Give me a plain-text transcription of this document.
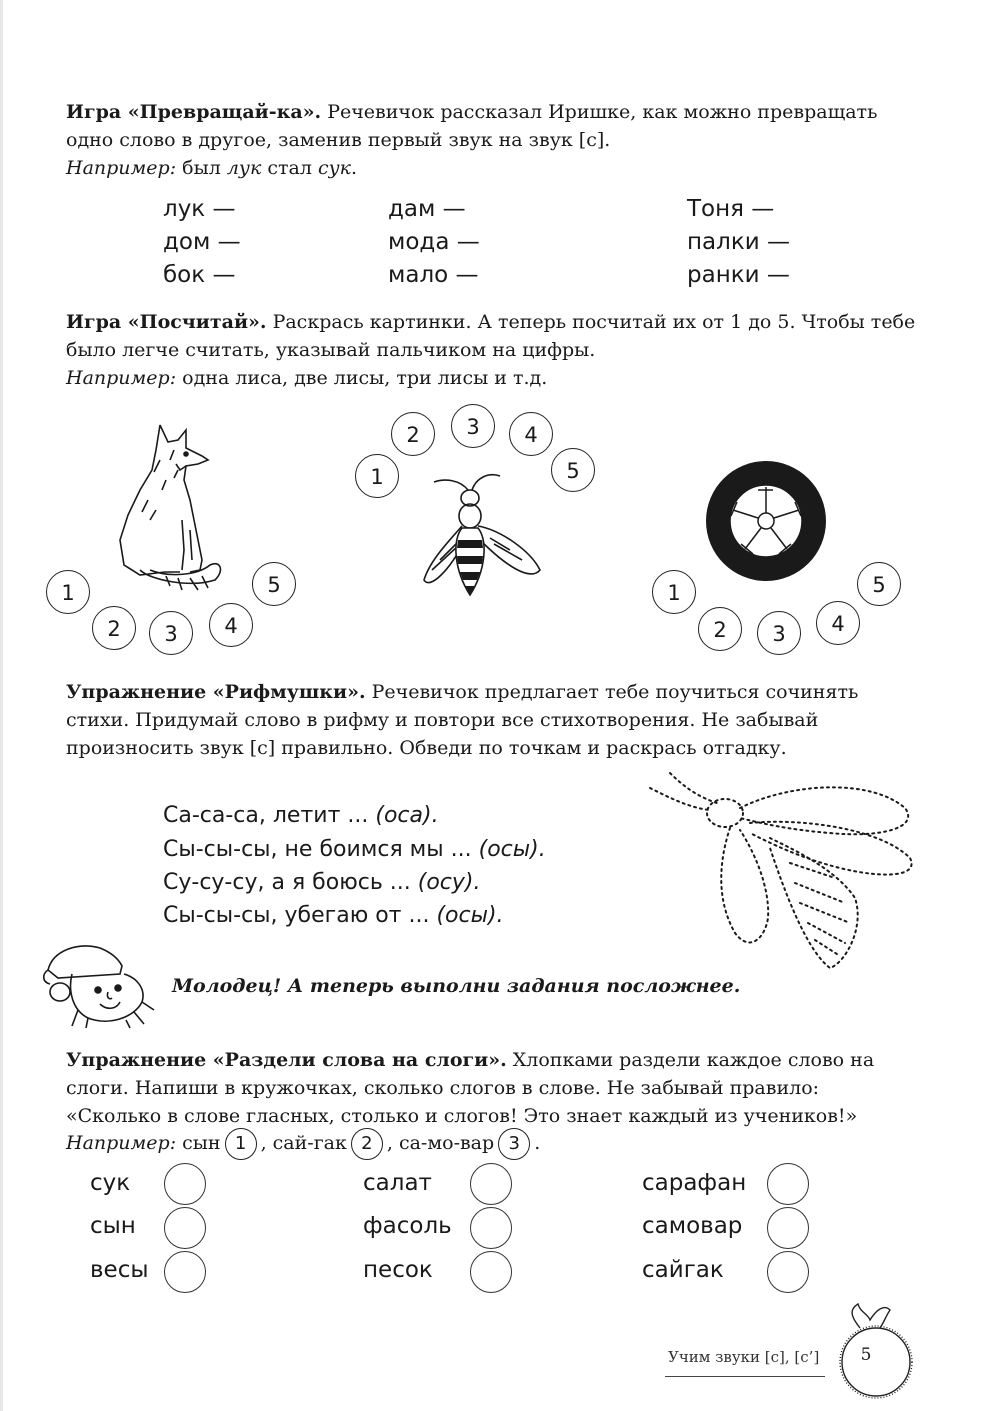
Игра «Превращай-ка». Речевичок рассказал Иришке, как можно превращать одно слово в другое, заменив первый звук на звук [с].
Например: был лук стал сук.
лук —	дам —	Тоня —
дом —	мода —	палки —
бок —	мало —	ранки —
Игра «Посчитай». Раскрась картинки. А теперь посчитай их от 1 до 5. Чтобы тебе было легче считать, указывай пальчиком на цифры.
Например: одна лиса, две лисы, три лисы и т.д.
1
2	3	4
5
1
2	3	4
5
1
2	3	4
5
Упражнение «Рифмушки». Речевичок предлагает тебе поучиться сочинять стихи. Придумай слово в рифму и повтори все стихотворения. Не забывай произносить звук [с] правильно. Обведи по точкам и раскрась отгадку.
Са-са-са, летит ... (оса).
Сы-сы-сы, не боимся мы ... (осы).
Су-су-су, а я боюсь ... (осу).
Сы-сы-сы, убегаю от ... (осы).
Молодец! А теперь выполни задания посложнее.
Упражнение «Раздели слова на слоги». Хлопками раздели каждое слово на слоги. Напиши в кружочках, сколько слогов в слове. Не забывай правило: «Сколько в слове гласных, столько и слогов! Это знает каждый из учеников!»
Например: сын 1 , сай-гак 2 , са-мо-вар 3 .
сук	салат	сарафан
сын	фасоль	самовар
весы	песок	сайгак
Учим звуки [с], [с’]	5
